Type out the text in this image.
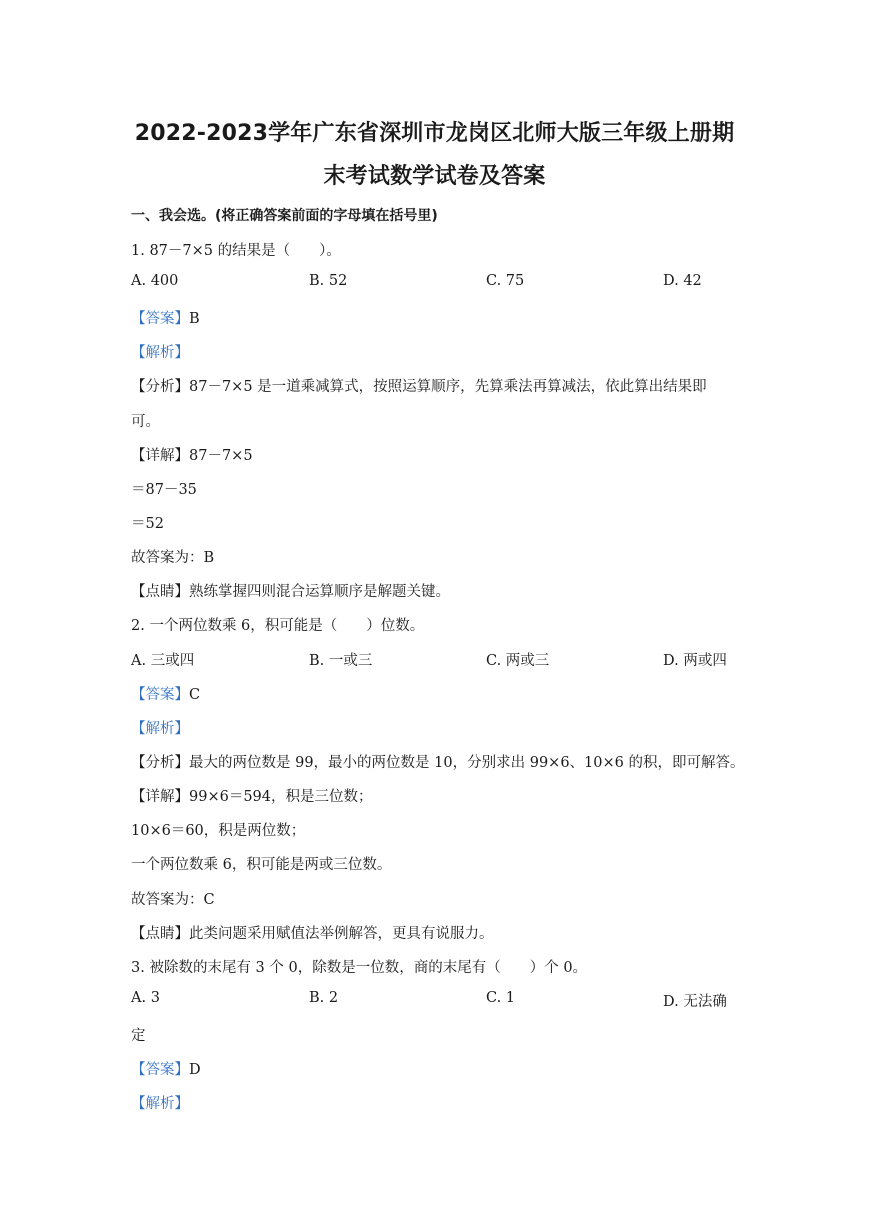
2022-2023学年广东省深圳市龙岗区北师大版三年级上册期
末考试数学试卷及答案
一、我会选。(将正确答案前面的字母填在括号里)
1. 87－7×5 的结果是（　　）。
A. 400	B. 52	C. 75	D. 42
【答案】B
【解析】
【分析】87－7×5 是一道乘减算式，按照运算顺序，先算乘法再算减法，依此算出结果即
可。
【详解】87－7×5
＝87－35
＝52
故答案为：B
【点睛】熟练掌握四则混合运算顺序是解题关键。
2. 一个两位数乘 6，积可能是（　　）位数。
A. 三或四	B. 一或三	C. 两或三	D. 两或四
【答案】C
【解析】
【分析】最大的两位数是 99，最小的两位数是 10，分别求出 99×6、10×6 的积，即可解答。
【详解】99×6＝594，积是三位数；
10×6＝60，积是两位数；
一个两位数乘 6，积可能是两或三位数。
故答案为：C
【点睛】此类问题采用赋值法举例解答，更具有说服力。
3. 被除数的末尾有 3 个 0，除数是一位数，商的末尾有（　　）个 0。
A. 3	B. 2	C. 1	D. 无法确
定
【答案】D
【解析】
